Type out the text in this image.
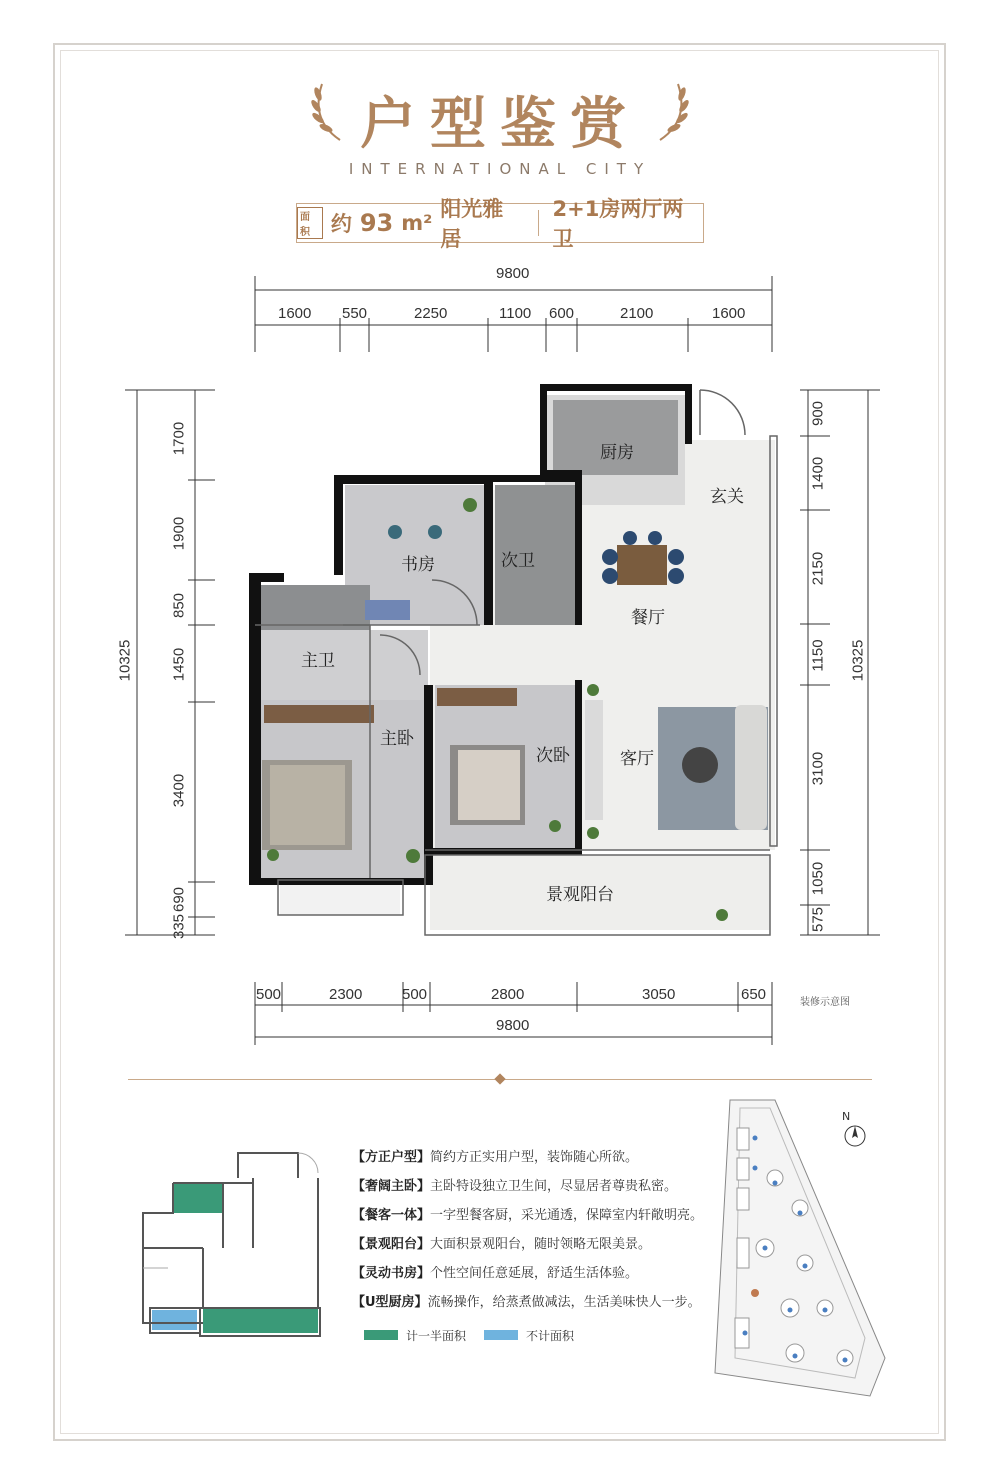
户型鉴赏
INTERNATIONAL CITY
面积 约 93 m²
阳光雅居
2+1房两厅两卫
9800
1600 550	2250	1100 600	2100	1600
500	2300	500	2800	3050	650
9800
10325
1700
1900
850
1450
3400
690
335
900
1400
2150
1150
3100
1050
575
10325
厨房
玄关
书房	次卫
餐厅
主卫
主卧
次卧	客厅
景观阳台
装修示意图
【方正户型】简约方正实用户型，装饰随心所欲。
【奢阔主卧】主卧特设独立卫生间，尽显居者尊贵私密。
【餐客一体】一字型餐客厨，采光通透，保障室内轩敞明亮。
【景观阳台】大面积景观阳台，随时领略无限美景。
【灵动书房】个性空间任意延展，舒适生活体验。
【U型厨房】流畅操作，给蒸煮做减法，生活美味快人一步。
计一半面积	不计面积
N
